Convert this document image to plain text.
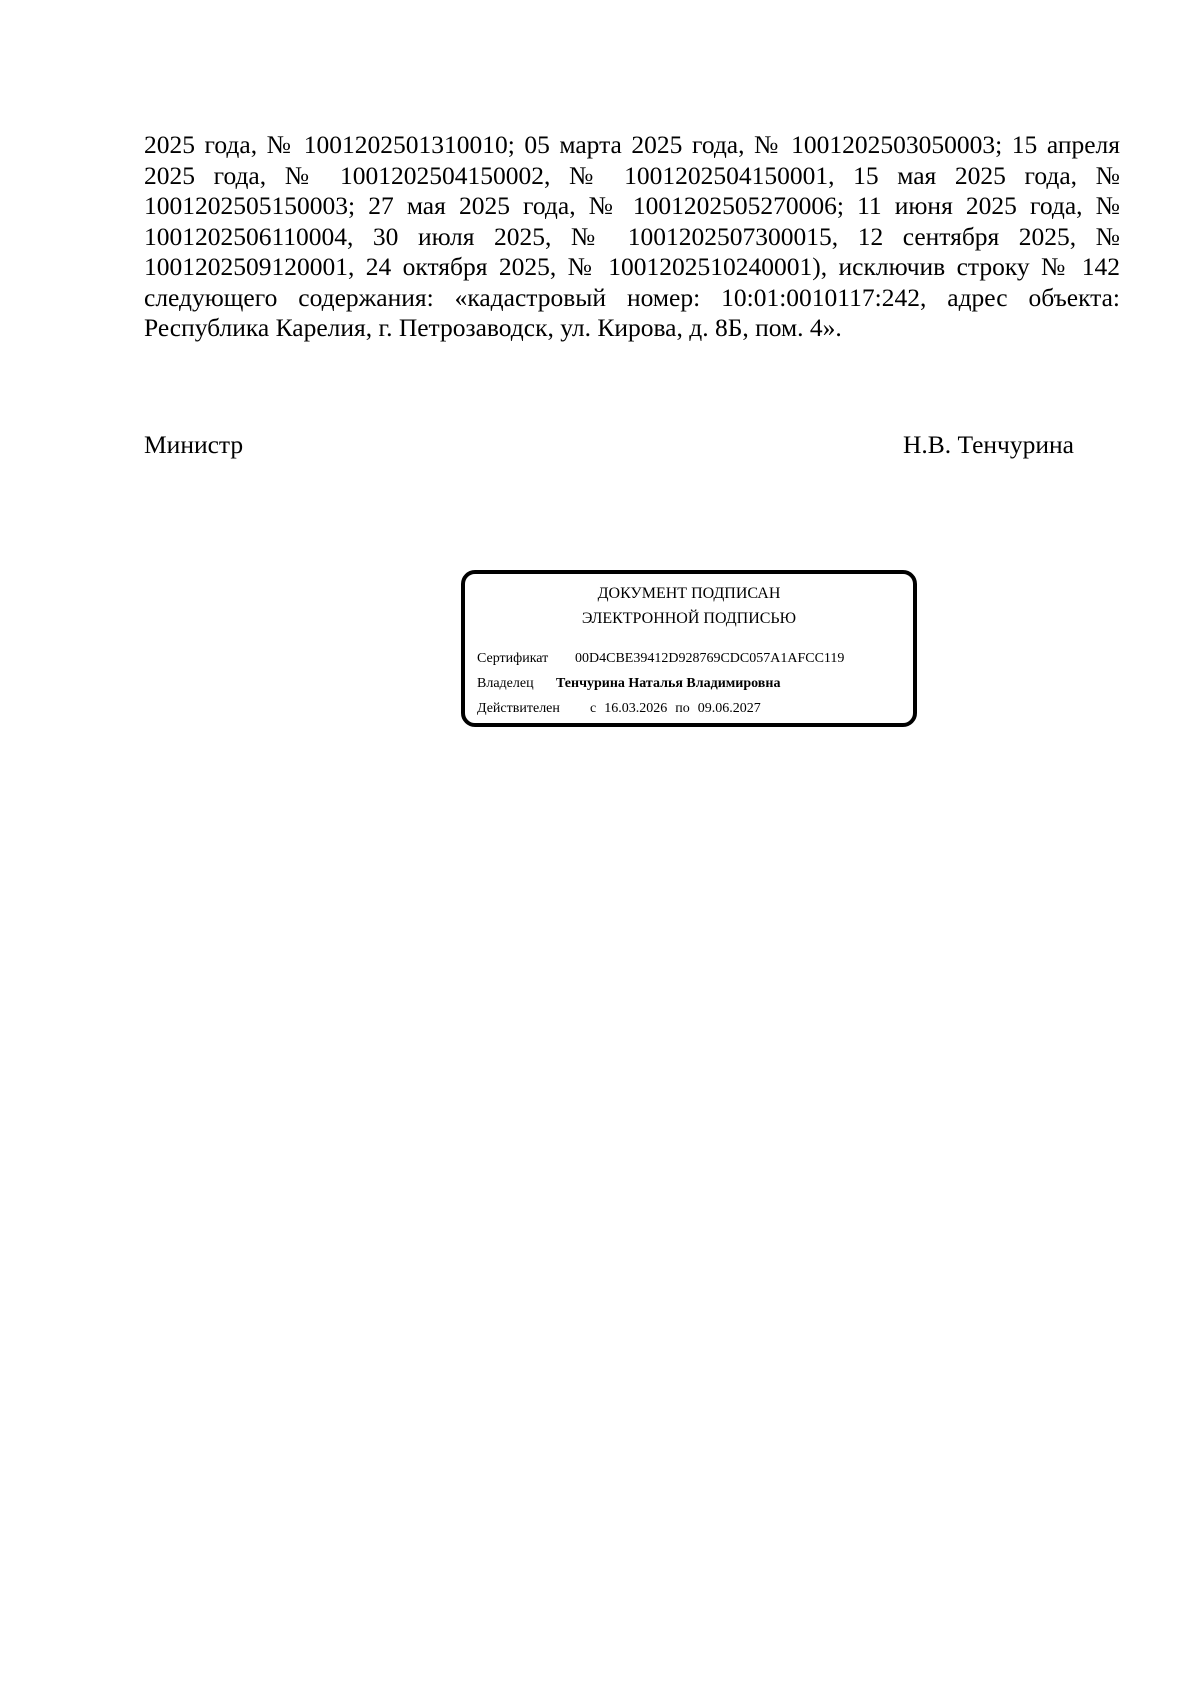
2025 года, № 1001202501310010; 05 марта 2025 года, № 1001202503050003; 15 апреля 2025 года, № 1001202504150002, № 1001202504150001, 15 мая 2025 года, № 1001202505150003; 27 мая 2025 года, № 1001202505270006; 11 июня 2025 года, № 1001202506110004, 30 июля 2025, № 1001202507300015, 12 сентября 2025, № 1001202509120001, 24 октября 2025, № 1001202510240001), исключив строку № 142 следующего содержания: «кадастровый номер: 10:01:0010117:242, адрес объекта: Республика Карелия, г. Петрозаводск, ул. Кирова, д. 8Б, пом. 4».

Министр	Н.В. Тенчурина
ДОКУМЕНТ ПОДПИСАН
ЭЛЕКТРОННОЙ ПОДПИСЬЮ
Сертификат 00D4CBE39412D928769CDC057A1AFCC119
Владелец Тенчурина Наталья Владимировна
Действителен с 16.03.2026 по 09.06.2027
